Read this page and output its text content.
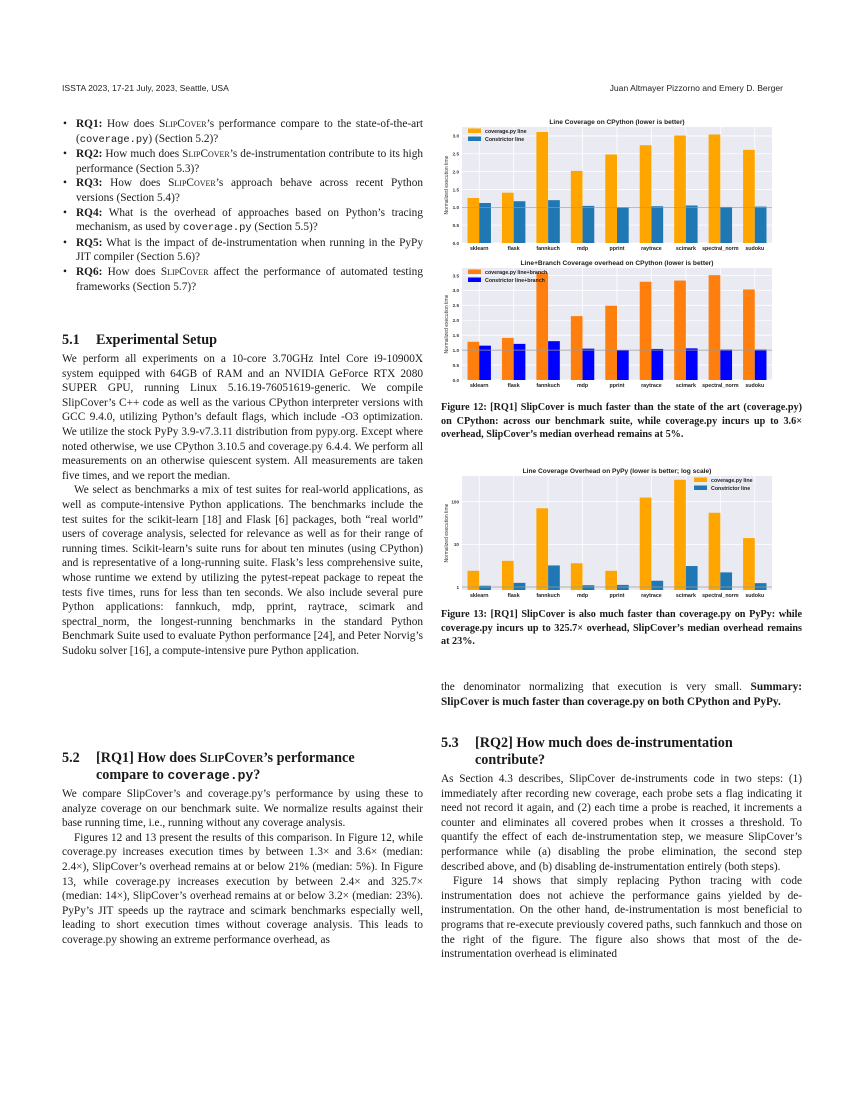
ISSTA 2023, 17-21 July, 2023, Seattle, USA	Juan Altmayer Pizzorno and Emery D. Berger
• RQ1: How does SlipCover’s performance compare to the state-of-the-art (coverage.py) (Section 5.2)?
• RQ2: How much does SlipCover’s de-instrumentation contribute to its high performance (Section 5.3)?
• RQ3: How does SlipCover’s approach behave across recent Python versions (Section 5.4)?
• RQ4: What is the overhead of approaches based on Python’s tracing mechanism, as used by coverage.py (Section 5.5)?
• RQ5: What is the impact of de-instrumentation when running in the PyPy JIT compiler (Section 5.6)?
• RQ6: How does SlipCover affect the performance of automated testing frameworks (Section 5.7)?
5.1 Experimental Setup

We perform all experiments on a 10-core 3.70GHz Intel Core i9-10900X system equipped with 64GB of RAM and an NVIDIA GeForce RTX 2080 SUPER GPU, running Linux 5.16.19-76051619-generic. We compile SlipCover’s C++ code as well as the various CPython interpreter versions with GCC 9.4.0, utilizing Python’s default flags, which include -O3 optimization. We utilize the stock PyPy 3.9-v7.3.11 distribution from pypy.org. Except where noted otherwise, we use CPython 3.10.5 and coverage.py 6.4.4. We perform all measurements on an otherwise quiescent system. All measurements are taken five times, and we report the median.

We select as benchmarks a mix of test suites for real-world applications, as well as compute-intensive Python applications. The benchmarks include the test suites for the scikit-learn [18] and Flask [6] packages, both “real world” users of coverage analysis, selected for relevance as well as for their range of running times. Scikit-learn’s suite runs for about ten minutes (using CPython) and is representative of a long-running suite. Flask’s less comprehensive suite, whose runtime we extend by utilizing the pytest-repeat package to repeat the tests five times, runs for less than ten seconds. We also include several pure Python applications: fannkuch, mdp, pprint, raytrace, scimark and spectral_norm, the longest-running benchmarks in the standard Python Benchmark Suite used to evaluate Python performance [24], and Peter Norvig’s Sudoku solver [16], a compute-intensive pure Python application.

5.2 [RQ1] How does SlipCover’s performance
compare to coverage.py?

We compare SlipCover’s and coverage.py’s performance by using these to analyze coverage on our benchmark suite. We normalize results against their base running time, i.e., running without any coverage analysis.

Figures 12 and 13 present the results of this comparison. In Figure 12, while coverage.py increases execution times by between 1.3× and 3.6× (median: 2.4×), SlipCover’s overhead remains at or below 21% (median: 5%). In Figure 13, while coverage.py increases execution by between 2.4× and 325.7× (median: 14×), SlipCover’s overhead remains at or below 3.2× (median: 23%). PyPy’s JIT speeds up the raytrace and scimark benchmarks especially well, leading to short execution times without coverage analysis. This leads to coverage.py showing an extreme performance overhead, as

Line Coverage on CPython (lower is better)
0.0
0.5
1.0
1.5
2.0
2.5
3.0
Normalized execution time
sklearn	flask	fannkuch	mdp	pprint	raytrace	scimark spectral_norm sudoku
coverage.py line
Constrictor line
Line+Branch Coverage overhead on CPython (lower is better)
0.0
0.5
1.0
1.5
2.0
2.5
3.0
3.5
Normalized execution time
sklearn	flask	fannkuch	mdp	pprint	raytrace	scimark spectral_norm sudoku
coverage.py line+branch
Constrictor line+branch
Figure 12: [RQ1] SlipCover is much faster than the state of the art (coverage.py) on CPython: across our benchmark suite, while coverage.py incurs up to 3.6× overhead, SlipCover’s median overhead remains at 5%.
Line Coverage Overhead on PyPy (lower is better; log scale)
1
10
100
Normalized execution time
sklearn	flask	fannkuch	mdp	pprint	raytrace	scimark spectral_norm sudoku
coverage.py line
Constrictor line
Figure 13: [RQ1] SlipCover is also much faster than coverage.py on PyPy: while coverage.py incurs up to 325.7× overhead, SlipCover’s median overhead remains at 23%.

the denominator normalizing that execution is very small. Summary: SlipCover is much faster than coverage.py on both CPython and PyPy.

5.3 [RQ2] How much does de-instrumentation
contribute?

As Section 4.3 describes, SlipCover de-instruments code in two steps: (1) immediately after recording new coverage, each probe sets a flag indicating it need not record it again, and (2) each time a probe is reached, it increments a counter and eliminates all covered probes when it crosses a threshold. To quantify the effect of each de-instrumentation step, we measure SlipCover’s performance while (a) disabling the probe elimination, the second step described above, and (b) disabling de-instrumentation entirely (both steps).

Figure 14 shows that simply replacing Python tracing with code instrumentation does not achieve the performance gains yielded by de-instrumentation. On the other hand, de-instrumentation is most beneficial to programs that re-execute previously covered paths, such fannkuch and those on the right of the figure. The figure also shows that most of the de-instrumentation overhead is eliminated
